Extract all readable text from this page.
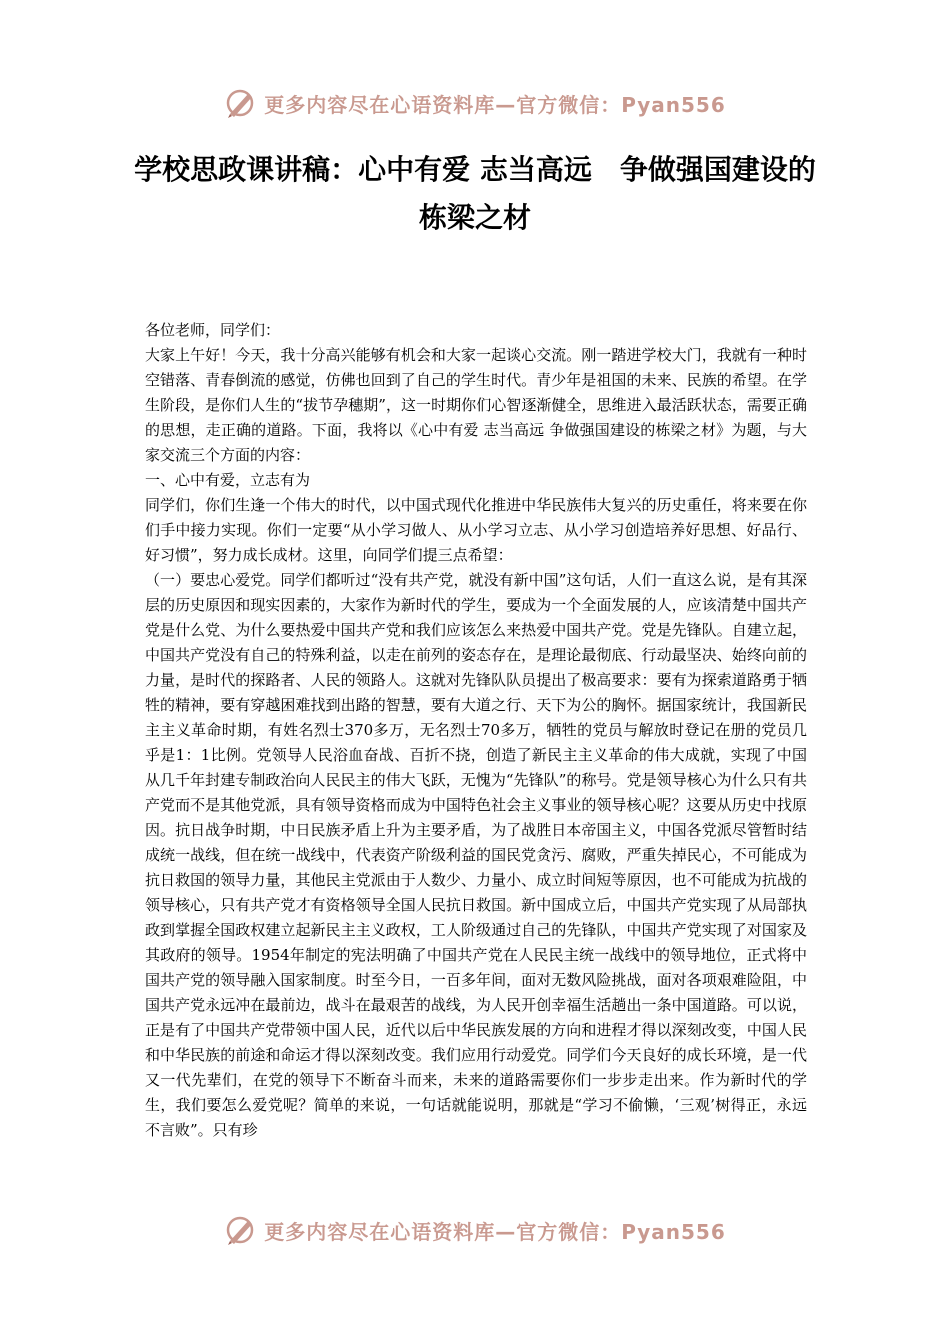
更多内容尽在心语资料库—官方微信：Pyan556
学校思政课讲稿：心中有爱 志当高远　争做强国建设的栋梁之材

各位老师，同学们：

大家上午好！今天，我十分高兴能够有机会和大家一起谈心交流。刚一踏进学校大门，我就有一种时空错落、青春倒流的感觉，仿佛也回到了自己的学生时代。青少年是祖国的未来、民族的希望。在学生阶段，是你们人生的“拔节孕穗期”，这一时期你们心智逐渐健全，思维进入最活跃状态，需要正确的思想，走正确的道路。下面，我将以《心中有爱 志当高远 争做强国建设的栋梁之材》为题，与大家交流三个方面的内容：

一、心中有爱，立志有为

同学们，你们生逢一个伟大的时代，以中国式现代化推进中华民族伟大复兴的历史重任，将来要在你们手中接力实现。你们一定要“从小学习做人、从小学习立志、从小学习创造培养好思想、好品行、好习惯”，努力成长成材。这里，向同学们提三点希望：

（一）要忠心爱党。同学们都听过“没有共产党，就没有新中国”这句话，人们一直这么说，是有其深层的历史原因和现实因素的，大家作为新时代的学生，要成为一个全面发展的人，应该清楚中国共产党是什么党、为什么要热爱中国共产党和我们应该怎么来热爱中国共产党。党是先锋队。自建立起，中国共产党没有自己的特殊利益，以走在前列的姿态存在，是理论最彻底、行动最坚决、始终向前的力量，是时代的探路者、人民的领路人。这就对先锋队队员提出了极高要求：要有为探索道路勇于牺牲的精神，要有穿越困难找到出路的智慧，要有大道之行、天下为公的胸怀。据国家统计，我国新民主主义革命时期，有姓名烈士370多万，无名烈士70多万，牺牲的党员与解放时登记在册的党员几乎是1：1比例。党领导人民浴血奋战、百折不挠，创造了新民主主义革命的伟大成就，实现了中国从几千年封建专制政治向人民民主的伟大飞跃，无愧为“先锋队”的称号。党是领导核心为什么只有共产党而不是其他党派，具有领导资格而成为中国特色社会主义事业的领导核心呢？这要从历史中找原因。抗日战争时期，中日民族矛盾上升为主要矛盾，为了战胜日本帝国主义，中国各党派尽管暂时结成统一战线，但在统一战线中，代表资产阶级利益的国民党贪污、腐败，严重失掉民心，不可能成为抗日救国的领导力量，其他民主党派由于人数少、力量小、成立时间短等原因，也不可能成为抗战的领导核心，只有共产党才有资格领导全国人民抗日救国。新中国成立后，中国共产党实现了从局部执政到掌握全国政权建立起新民主主义政权，工人阶级通过自己的先锋队，中国共产党实现了对国家及其政府的领导。1954年制定的宪法明确了中国共产党在人民民主统一战线中的领导地位，正式将中国共产党的领导融入国家制度。时至今日，一百多年间，面对无数风险挑战，面对各项艰难险阻，中国共产党永远冲在最前边，战斗在最艰苦的战线，为人民开创幸福生活趟出一条中国道路。可以说，正是有了中国共产党带领中国人民，近代以后中华民族发展的方向和进程才得以深刻改变，中国人民和中华民族的前途和命运才得以深刻改变。我们应用行动爱党。同学们今天良好的成长环境，是一代又一代先辈们，在党的领导下不断奋斗而来，未来的道路需要你们一步步走出来。作为新时代的学生，我们要怎么爱党呢？简单的来说，一句话就能说明，那就是“学习不偷懒，‘三观’树得正，永远不言败”。只有珍

更多内容尽在心语资料库—官方微信：Pyan556
